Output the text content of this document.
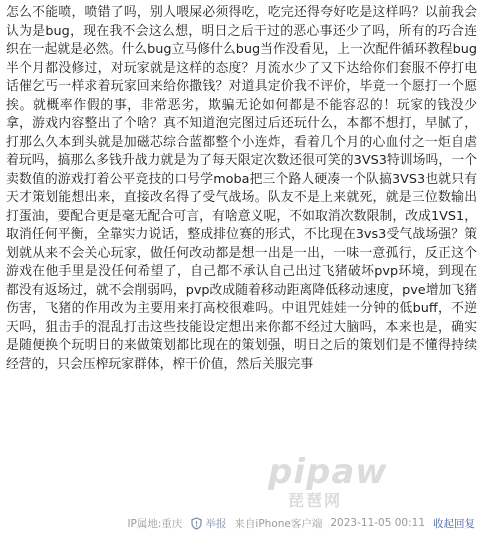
怎么不能喷，喷错了吗，别人喂屎必须得吃，吃完还得夸好吃是这样吗？以前我会认为是bug，现在我不会这么想，明日之后干过的恶心事还少了吗，所有的巧合连织在一起就是必然。什么bug立马修什么bug当作没看见，上一次配件循环教程bug半个月都没修过，对玩家就是这样的态度？月流水少了又下达给你们套服不停打电话催乞丐一样求着玩家回来给你撒钱？对道具定价我不评价，毕竟一个愿打一个愿挨。就概率作假的事，非常恶劣，欺骗无论如何都是不能容忍的！玩家的钱没少拿，游戏内容整出了个啥？真不知道泡完图过后还玩什么，本都不想打，早腻了，打那么久本到头就是加磁芯综合蓝都整个小连炸，看着几个月的心血付之一炬自虐着玩吗，搞那么多钱升战力就是为了每天限定次数还很可笑的3VS3特训场吗，一个卖数值的游戏打着公平竞技的口号学moba把三个路人硬凑一个队搞3VS3也就只有天才策划能想出来，直接改名得了受气战场。队友不是上来就死，就是三位数输出打蛋油，要配合更是毫无配合可言，有啥意义呢，不如取消次数限制，改成1VS1，取消任何平衡，全靠实力说话，整成排位赛的形式，不比现在3vs3受气战场强？策划就从来不会关心玩家，做任何改动都是想一出是一出，一味一意孤行，反正这个游戏在他手里是没任何希望了，自己都不承认自己出过飞猪破坏pvp环境，到现在都没有返场过，就不会削弱吗，pvp改成随着移动距离降低移动速度，pve增加飞猪伤害，飞猪的作用改为主要用来打高校很难吗。中诅咒娃娃一分钟的低buff，不逆天吗，狙击手的混乱打击这些技能设定想出来你都不经过大脑吗，本来也是，确实是随便换个玩明日的来做策划都比现在的策划强，明日之后的策划们是不懂得持续经营的，只会压榨玩家群体，榨干价值，然后关服完事

pipaw
琵琶网
IP属地:重庆 举报 来自iPhone客户端 2023-11-05 00:11 收起回复
